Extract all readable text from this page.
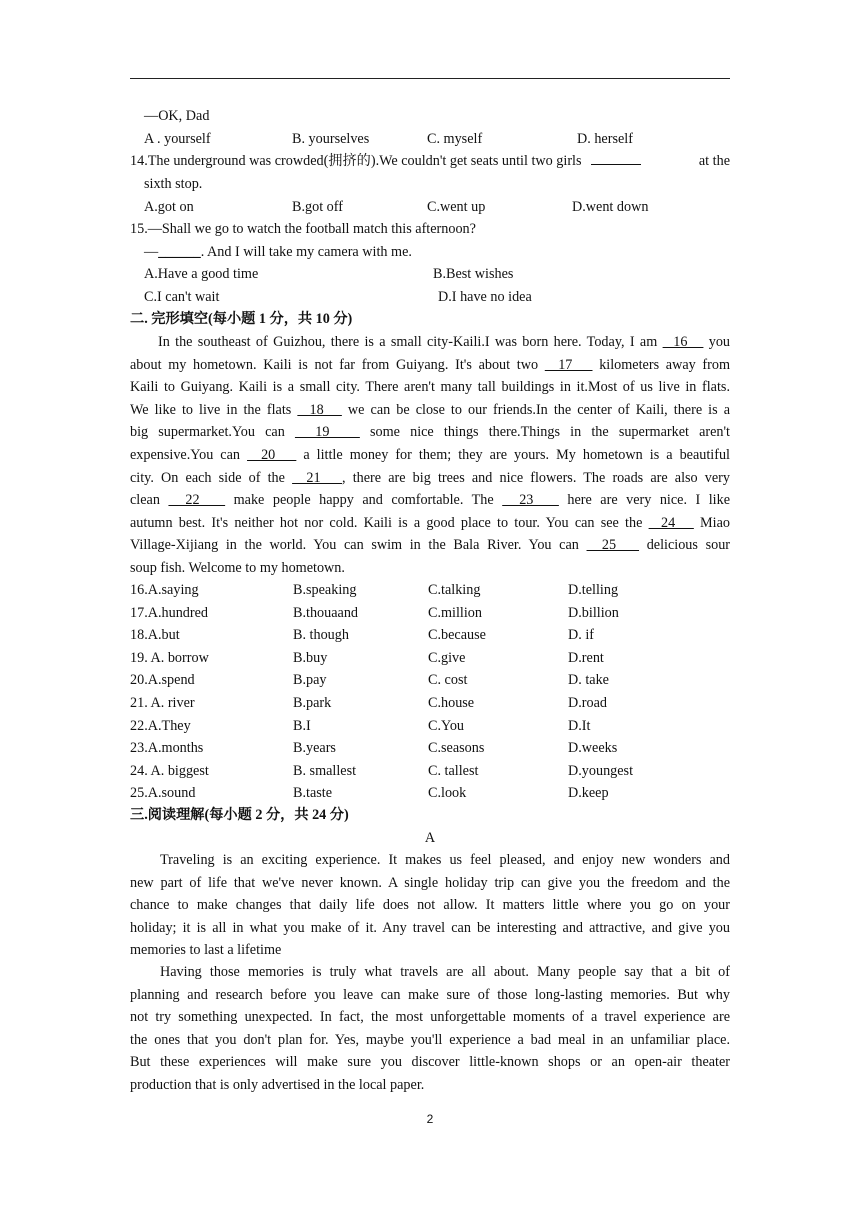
—OK, Dad
A . yourself	B. yourselves	C. myself	D. herself
14.The underground was crowded(拥挤的).We couldn't get seats until two girls	at the
sixth stop.
A.got on	B.got off	C.went up	D.went down
15.—Shall we go to watch the football match this afternoon?
—______. And I will take my camera with me.
A.Have a good time	B.Best wishes
C.I can't wait	D.I have no idea
二. 完形填空(每小题 1 分，共 10 分)
In the southeast of Guizhou, there is a small city-Kaili.I was born here. Today, I am   16    you
about my hometown. Kaili is not far from Guiyang. It's about two   17    kilometers away from
Kaili to Guiyang. Kaili is a small city. There aren't many tall buildings in it.Most of us live in flats.
We like to live in the flats   18    we can be close to our friends.In the center of Kaili, there is a
big supermarket.You can   19    some nice things there.Things in the supermarket aren't
expensive.You can   20    a little money for them; they are yours. My hometown is a beautiful
city. On each side of the   21   , there are big trees and nice flowers. The roads are also very
clean   22    make people happy and comfortable. The   23    here are very nice. I like
autumn best. It's neither hot nor cold. Kaili is a good place to tour. You can see the   24    Miao
Village-Xijiang in the world. You can swim in the Bala River. You can   25    delicious sour
soup fish. Welcome to my hometown.
16.A.saying	B.speaking	C.talking	D.telling
17.A.hundred	B.thouaand	C.million	D.billion
18.A.but	B. though	C.because	D. if
19. A. borrow	B.buy	C.give	D.rent
20.A.spend	B.pay	C. cost	D. take
21. A. river	B.park	C.house	D.road
22.A.They	B.I	C.You	D.It
23.A.months	B.years	C.seasons	D.weeks
24. A. biggest	B. smallest	C. tallest	D.youngest
25.A.sound	B.taste	C.look	D.keep
三.阅读理解(每小题 2 分，共 24 分)
A
Traveling is an exciting experience. It makes us feel pleased, and enjoy new wonders and
new part of life that we've never known. A single holiday trip can give you the freedom and the
chance to make changes that daily life does not allow. It matters little where you go on your
holiday; it is all in what you make of it. Any travel can be interesting and attractive, and give you
memories to last a lifetime
Having those memories is truly what travels are all about. Many people say that a bit of
planning and research before you leave can make sure of those long-lasting memories. But why
not try something unexpected. In fact, the most unforgettable moments of a travel experience are
the ones that you don't plan for. Yes, maybe you'll experience a bad meal in an unfamiliar place.
But these experiences will make sure you discover little-known shops or an open-air theater
production that is only advertised in the local paper.
2
